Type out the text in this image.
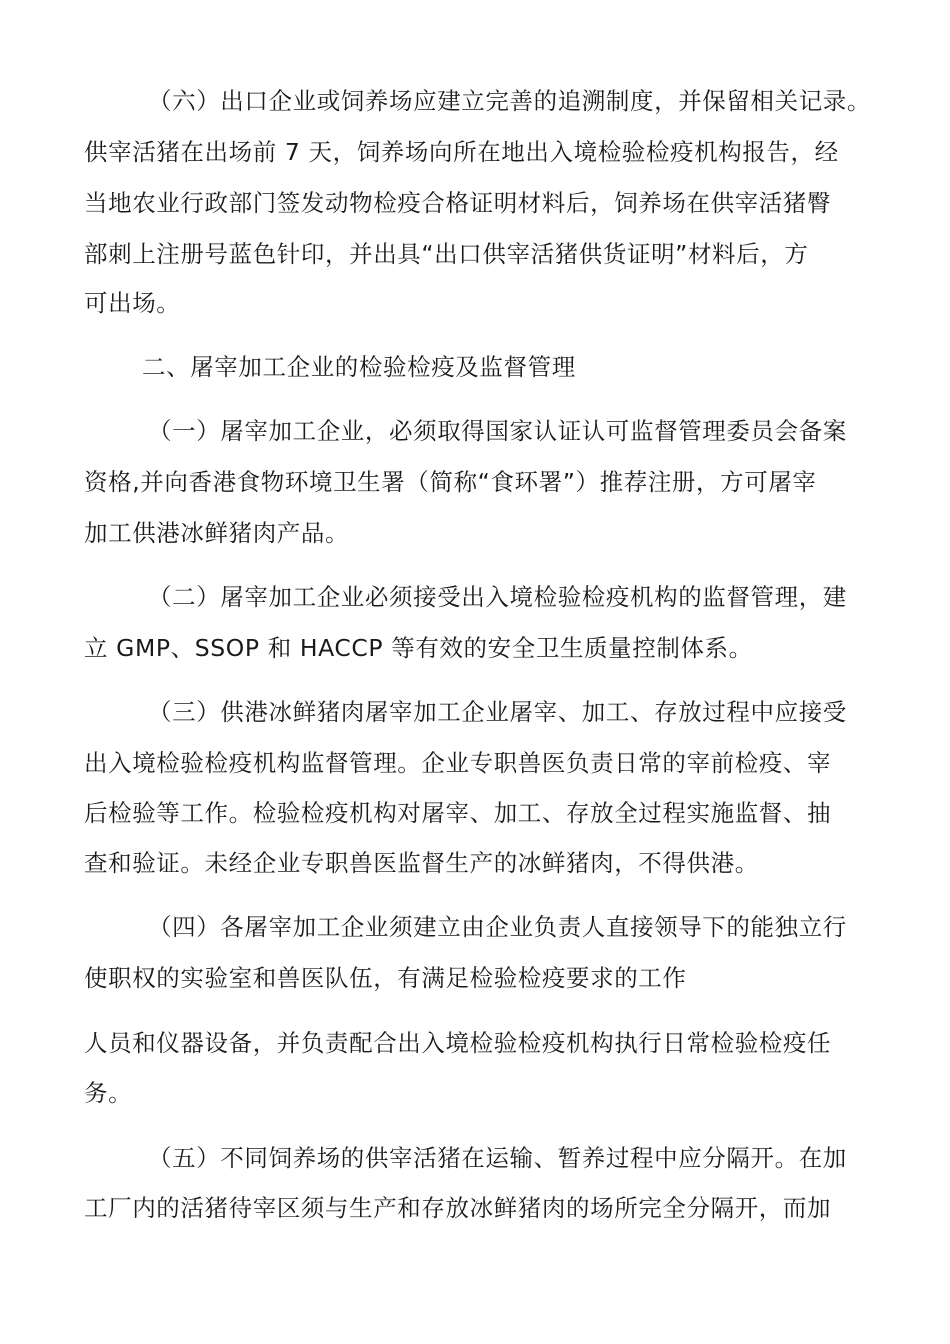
（六）出口企业或饲养场应建立完善的追溯制度，并保留相关记录。
供宰活猪在出场前 7 天，饲养场向所在地出入境检验检疫机构报告，经
当地农业行政部门签发动物检疫合格证明材料后，饲养场在供宰活猪臀
部刺上注册号蓝色针印，并出具“出口供宰活猪供货证明”材料后，方
可出场。
二、屠宰加工企业的检验检疫及监督管理
（一）屠宰加工企业，必须取得国家认证认可监督管理委员会备案
资格,并向香港食物环境卫生署（简称“食环署”）推荐注册，方可屠宰
加工供港冰鲜猪肉产品。
（二）屠宰加工企业必须接受出入境检验检疫机构的监督管理，建
立 GMP、SSOP 和 HACCP 等有效的安全卫生质量控制体系。
（三）供港冰鲜猪肉屠宰加工企业屠宰、加工、存放过程中应接受
出入境检验检疫机构监督管理。企业专职兽医负责日常的宰前检疫、宰
后检验等工作。检验检疫机构对屠宰、加工、存放全过程实施监督、抽
查和验证。未经企业专职兽医监督生产的冰鲜猪肉，不得供港。
（四）各屠宰加工企业须建立由企业负责人直接领导下的能独立行
使职权的实验室和兽医队伍，有满足检验检疫要求的工作
人员和仪器设备，并负责配合出入境检验检疫机构执行日常检验检疫任
务。
（五）不同饲养场的供宰活猪在运输、暂养过程中应分隔开。在加
工厂内的活猪待宰区须与生产和存放冰鲜猪肉的场所完全分隔开，而加
